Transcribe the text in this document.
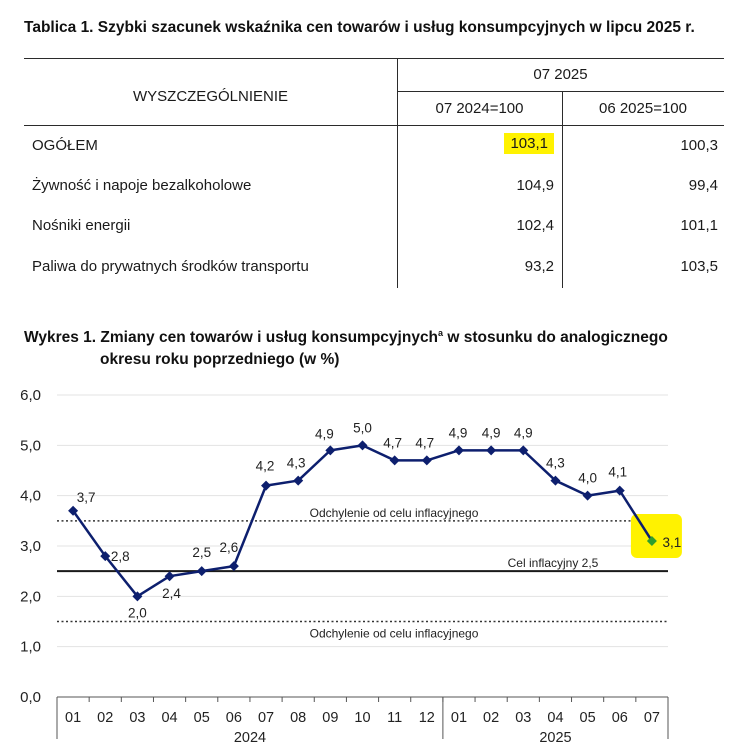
Tablica 1. Szybki szacunek wskaźnika cen towarów i usług konsumpcyjnych w lipcu 2025 r.
WYSZCZEGÓLNIENIE
07 2025
07 2024=100	06 2025=100
OGÓŁEM	103,1	100,3
Żywność i napoje bezalkoholowe	104,9	99,4
Nośniki energii	102,4	101,1
Paliwa do prywatnych środków transportu	93,2	103,5
Wykres 1. Zmiany cen towarów i usług konsumpcyjnych$^a$ w stosunku do analogicznego
okresu roku poprzedniego (w %)
0,0
1,0
2,0
3,0
4,0
5,0
6,0
01 02 03 04 05 06 07 08 09 10 11 12 01 02 03 04 05 06 07
2024	2025
Odchylenie od celu inflacyjnego
Cel inflacyjny 2,5
Odchylenie od celu inflacyjnego
3,7
2,8
2,0
2,4
2,5 2,6
4,2 4,3
4,9 5,0
4,7 4,7
4,9 4,9 4,9
4,3
4,0 4,1
3,1
